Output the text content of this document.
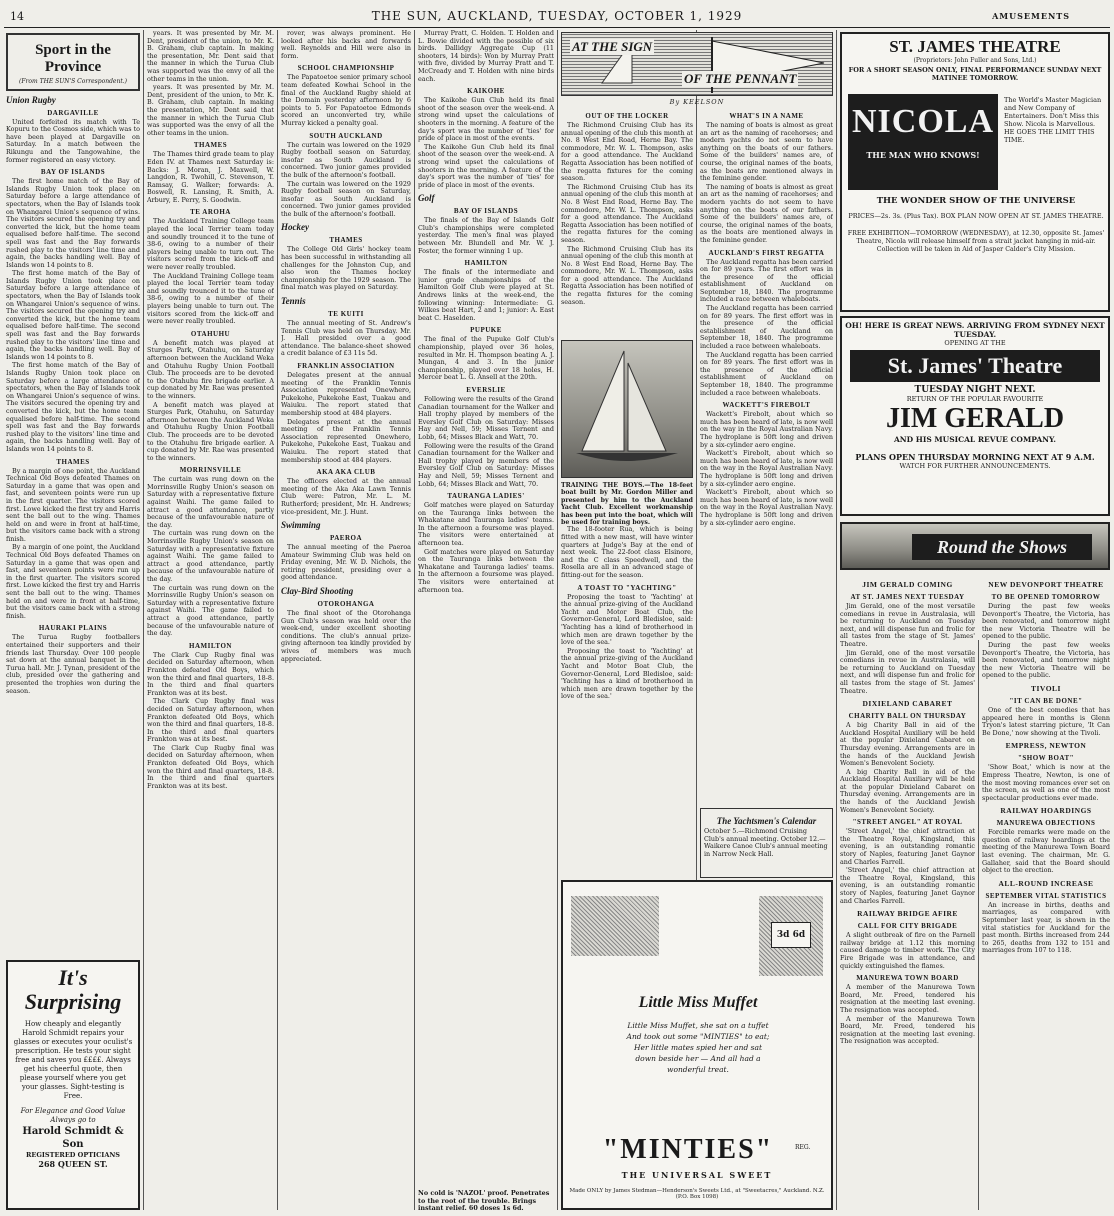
14	THE SUN, AUCKLAND, TUESDAY, OCTOBER 1, 1929	AMUSEMENTS
Sport in the Province
(From THE SUN'S Correspondent.)
Union Rugby
DARGAVILLE

United forfeited its match with Te Kopuru to the Cosmos side, which was to have been played at Dargaville on Saturday. In a match between the Rikungu and the Tangowahine, the former registered an easy victory.

BAY OF ISLANDS

The first home match of the Bay of Islands Rugby Union took place on Saturday before a large attendance of spectators, when the Bay of Islands took on Whangarei Union's sequence of wins. The visitors secured the opening try and converted the kick, but the home team equalised before half-time. The second spell was fast and the Bay forwards rushed play to the visitors' line time and again, the backs handling well. Bay of Islands won 14 points to 8.

The first home match of the Bay of Islands Rugby Union took place on Saturday before a large attendance of spectators, when the Bay of Islands took on Whangarei Union's sequence of wins. The visitors secured the opening try and converted the kick, but the home team equalised before half-time. The second spell was fast and the Bay forwards rushed play to the visitors' line time and again, the backs handling well. Bay of Islands won 14 points to 8.

The first home match of the Bay of Islands Rugby Union took place on Saturday before a large attendance of spectators, when the Bay of Islands took on Whangarei Union's sequence of wins. The visitors secured the opening try and converted the kick, but the home team equalised before half-time. The second spell was fast and the Bay forwards rushed play to the visitors' line time and again, the backs handling well. Bay of Islands won 14 points to 8.

THAMES

By a margin of one point, the Auckland Technical Old Boys defeated Thames on Saturday in a game that was open and fast, and seventeen points were run up in the first quarter. The visitors scored first. Lowe kicked the first try and Harris sent the ball out to the wing. Thames held on and were in front at half-time, but the visitors came back with a strong finish.

By a margin of one point, the Auckland Technical Old Boys defeated Thames on Saturday in a game that was open and fast, and seventeen points were run up in the first quarter. The visitors scored first. Lowe kicked the first try and Harris sent the ball out to the wing. Thames held on and were in front at half-time, but the visitors came back with a strong finish.

HAURAKI PLAINS

The Turua Rugby footballers entertained their supporters and their friends last Thursday. Over 100 people sat down at the annual banquet in the Turua hall. Mr. J. Tynan, president of the club, presided over the gathering and presented the trophies won during the season.

It's
Surprising
How cheaply and elegantly Harold Schmidt repairs your glasses or executes your oculist's prescription. He tests your sight free and saves you ££££. Always get his cheerful quote, then please yourself where you get your glasses. Sight-testing is Free.
For Elegance and Good Value Always go to
Harold Schmidt & Son
REGISTERED OPTICIANS
268 QUEEN ST.

years. It was presented by Mr. M. Dent, president of the union, to Mr. K. B. Graham, club captain. In making the presentation, Mr. Dent said that the manner in which the Turua Club was supported was the envy of all the other teams in the union.

years. It was presented by Mr. M. Dent, president of the union, to Mr. K. B. Graham, club captain. In making the presentation, Mr. Dent said that the manner in which the Turua Club was supported was the envy of all the other teams in the union.

THAMES

The Thames third grade team to play Eden IV. at Thames next Saturday is: Backs: J. Moran, J. Maxwell, W. Langdon, R. Twohill, C. Stevenson, T. Ramsay, G. Walker; forwards: A. Boswell, R. Lansing, R. Smith, A. Arbury, E. Perry, S. Goodwin.

TE AROHA

The Auckland Training College team played the local Terrier team today and soundly trounced it to the tune of 38-6, owing to a number of their players being unable to turn out. The visitors scored from the kick-off and were never really troubled.

The Auckland Training College team played the local Terrier team today and soundly trounced it to the tune of 38-6, owing to a number of their players being unable to turn out. The visitors scored from the kick-off and were never really troubled.

OTAHUHU

A benefit match was played at Sturges Park, Otahuhu, on Saturday afternoon between the Auckland Weka and Otahuhu Rugby Union Football Club. The proceeds are to be devoted to the Otahuhu fire brigade earlier. A cup donated by Mr. Rae was presented to the winners.

A benefit match was played at Sturges Park, Otahuhu, on Saturday afternoon between the Auckland Weka and Otahuhu Rugby Union Football Club. The proceeds are to be devoted to the Otahuhu fire brigade earlier. A cup donated by Mr. Rae was presented to the winners.

MORRINSVILLE

The curtain was rung down on the Morrinsville Rugby Union's season on Saturday with a representative fixture against Waihi. The game failed to attract a good attendance, partly because of the unfavourable nature of the day.

The curtain was rung down on the Morrinsville Rugby Union's season on Saturday with a representative fixture against Waihi. The game failed to attract a good attendance, partly because of the unfavourable nature of the day.

The curtain was rung down on the Morrinsville Rugby Union's season on Saturday with a representative fixture against Waihi. The game failed to attract a good attendance, partly because of the unfavourable nature of the day.

HAMILTON

The Clark Cup Rugby final was decided on Saturday afternoon, when Frankton defeated Old Boys, which won the third and final quarters, 18-8. In the third and final quarters Frankton was at its best.

The Clark Cup Rugby final was decided on Saturday afternoon, when Frankton defeated Old Boys, which won the third and final quarters, 18-8. In the third and final quarters Frankton was at its best.

The Clark Cup Rugby final was decided on Saturday afternoon, when Frankton defeated Old Boys, which won the third and final quarters, 18-8. In the third and final quarters Frankton was at its best.

rover, was always prominent. He looked after his backs and forwards well. Reynolds and Hill were also in form.

SCHOOL CHAMPIONSHIP

The Papatoetoe senior primary school team defeated Kowhai School in the final of the Auckland Rugby shield at the Domain yesterday afternoon by 6 points to 5. For Papatoetoe Edmonds scored an unconverted try, while Murray kicked a penalty goal.

SOUTH AUCKLAND

The curtain was lowered on the 1929 Rugby football season on Saturday, insofar as South Auckland is concerned. Two junior games provided the bulk of the afternoon's football.

The curtain was lowered on the 1929 Rugby football season on Saturday, insofar as South Auckland is concerned. Two junior games provided the bulk of the afternoon's football.

Hockey
THAMES

The College Old Girls' hockey team has been successful in withstanding all challenges for the Johnston Cup, and also won the Thames hockey championship for the 1929 season. The final match was played on Saturday.

Tennis
TE KUITI

The annual meeting of St. Andrew's Tennis Club was held on Thursday. Mr. J. Hall presided over a good attendance. The balance-sheet showed a credit balance of £3 11s 5d.

FRANKLIN ASSOCIATION

Delegates present at the annual meeting of the Franklin Tennis Association represented Onewhero, Pukekohe, Pukekohe East, Tuakau and Waiuku. The report stated that membership stood at 484 players.

Delegates present at the annual meeting of the Franklin Tennis Association represented Onewhero, Pukekohe, Pukekohe East, Tuakau and Waiuku. The report stated that membership stood at 484 players.

AKA AKA CLUB

The officers elected at the annual meeting of the Aka Aka Lawn Tennis Club were: Patron, Mr. L. M. Rutherford; president, Mr. H. Andrews; vice-president, Mr. J. Hunt.

Swimming
PAEROA

The annual meeting of the Paeroa Amateur Swimming Club was held on Friday evening, Mr. W. D. Nichols, the retiring president, presiding over a good attendance.

Clay-Bird Shooting
OTOROHANGA

The final shoot of the Otorohanga Gun Club's season was held over the week-end, under excellent shooting conditions. The club's annual prize-giving afternoon tea kindly provided by wives of members was much appreciated.

Murray Pratt, C. Holden. T. Holden and L. Bowie divided with the possible of six birds. Dallidgy Aggregate Cup (11 shooters, 14 birds): Won by Murray Pratt with five, divided by Murray Pratt and T. McCready and T. Holden with nine birds each.

KAIKOHE

The Kaikohe Gun Club held its final shoot of the season over the week-end. A strong wind upset the calculations of shooters in the morning. A feature of the day's sport was the number of 'ties' for pride of place in most of the events.

The Kaikohe Gun Club held its final shoot of the season over the week-end. A strong wind upset the calculations of shooters in the morning. A feature of the day's sport was the number of 'ties' for pride of place in most of the events.

Golf
BAY OF ISLANDS

The finals of the Bay of Islands Golf Club's championships were completed yesterday. The men's final was played between Mr. Blundell and Mr. W. J. Foster, the former winning 1 up.

HAMILTON

The finals of the intermediate and junior grade championships of the Hamilton Golf Club were played at St. Andrews links at the week-end, the following winning: Intermediate: G. Wilkes beat Hart, 2 and 1; junior: A. East beat C. Haselden.

PUPUKE

The final of the Pupuke Golf Club's championship, played over 36 holes, resulted in Mr. H. Thompson beating A. J. Mungan, 4 and 3. In the junior championship, played over 18 holes, H. Mercer beat L. G. Ansell at the 20th.

EVERSLIE

Following were the results of the Grand Canadian tournament for the Walker and Hall trophy played by members of the Eversley Golf Club on Saturday: Misses Hay and Nell, 59; Misses Ternent and Lobb, 64; Misses Black and Watt, 70.

Following were the results of the Grand Canadian tournament for the Walker and Hall trophy played by members of the Eversley Golf Club on Saturday: Misses Hay and Nell, 59; Misses Ternent and Lobb, 64; Misses Black and Watt, 70.

TAURANGA LADIES'

Golf matches were played on Saturday on the Tauranga links between the Whakatane and Tauranga ladies' teams. In the afternoon a foursome was played. The visitors were entertained at afternoon tea.

Golf matches were played on Saturday on the Tauranga links between the Whakatane and Tauranga ladies' teams. In the afternoon a foursome was played. The visitors were entertained at afternoon tea.

No cold is 'NAZOL' proof. Penetrates to the root of the trouble. Brings instant relief. 60 doses 1s 6d.
AT THE SIGN
OF THE PENNANT
By KEELSON
OUT OF THE LOCKER

The Richmond Cruising Club has its annual opening of the club this month at No. 8 West End Road, Herne Bay. The commodore, Mr. W. L. Thompson, asks for a good attendance. The Auckland Regatta Association has been notified of the regatta fixtures for the coming season.

The Richmond Cruising Club has its annual opening of the club this month at No. 8 West End Road, Herne Bay. The commodore, Mr. W. L. Thompson, asks for a good attendance. The Auckland Regatta Association has been notified of the regatta fixtures for the coming season.

The Richmond Cruising Club has its annual opening of the club this month at No. 8 West End Road, Herne Bay. The commodore, Mr. W. L. Thompson, asks for a good attendance. The Auckland Regatta Association has been notified of the regatta fixtures for the coming season.

TRAINING THE BOYS.—The 18-feet boat built by Mr. Gordon Miller and presented by him to the Auckland Yacht Club. Excellent workmanship has been put into the boat, which will be used for training boys.

The 18-footer Rua, which is being fitted with a new mast, will have winter quarters at Judge's Bay at the end of next week. The 22-foot class Elsinore, and the C class Speedwell, and the Rosella are all in an advanced stage of fitting-out for the season.

A TOAST TO "YACHTING"

Proposing the toast to 'Yachting' at the annual prize-giving of the Auckland Yacht and Motor Boat Club, the Governor-General, Lord Bledisloe, said: 'Yachting has a kind of brotherhood in which men are drawn together by the love of the sea.'

Proposing the toast to 'Yachting' at the annual prize-giving of the Auckland Yacht and Motor Boat Club, the Governor-General, Lord Bledisloe, said: 'Yachting has a kind of brotherhood in which men are drawn together by the love of the sea.'

WHAT'S IN A NAME

The naming of boats is almost as great an art as the naming of racehorses; and modern yachts do not seem to have anything on the boats of our fathers. Some of the builders' names are, of course, the original names of the boats, as the boats are mentioned always in the feminine gender.

The naming of boats is almost as great an art as the naming of racehorses; and modern yachts do not seem to have anything on the boats of our fathers. Some of the builders' names are, of course, the original names of the boats, as the boats are mentioned always in the feminine gender.

AUCKLAND'S FIRST REGATTA

The Auckland regatta has been carried on for 89 years. The first effort was in the presence of the official establishment of Auckland on September 18, 1840. The programme included a race between whaleboats.

The Auckland regatta has been carried on for 89 years. The first effort was in the presence of the official establishment of Auckland on September 18, 1840. The programme included a race between whaleboats.

The Auckland regatta has been carried on for 89 years. The first effort was in the presence of the official establishment of Auckland on September 18, 1840. The programme included a race between whaleboats.

WACKETT'S FIREBOLT

Wackett's Firebolt, about which so much has been heard of late, is now well on the way in the Royal Australian Navy. The hydroplane is 50ft long and driven by a six-cylinder aero engine.

Wackett's Firebolt, about which so much has been heard of late, is now well on the way in the Royal Australian Navy. The hydroplane is 50ft long and driven by a six-cylinder aero engine.

Wackett's Firebolt, about which so much has been heard of late, is now well on the way in the Royal Australian Navy. The hydroplane is 50ft long and driven by a six-cylinder aero engine.

The Yachtsmen's Calendar
October 5.—Richmond Cruising Club's annual meeting. October 12.—Waikere Canoe Club's annual meeting in Narrow Neck Hall.
3d 6d
Little Miss Muffet
Little Miss Muffet, she sat on a tuffet And took out some "MINTIES" to eat; Her little mates spied her and sat down beside her — And all had a wonderful treat.
"MINTIES"	REG.
THE UNIVERSAL SWEET
Made ONLY by James Stedman—Henderson's Sweets Ltd., at "Sweetacres," Auckland. N.Z. (P.O. Box 1098)
ST. JAMES THEATRE
(Proprietors: John Fuller and Sons, Ltd.)
FOR A SHORT SEASON ONLY, FINAL PERFORMANCE SUNDAY NEXT MATINEE TOMORROW.
NICOLA
THE MAN WHO KNOWS!
The World's Master Magician and New Company of Entertainers. Don't Miss this Show. Nicola is Marvellous. HE GOES THE LIMIT THIS TIME.
THE WONDER SHOW OF THE UNIVERSE
PRICES—2s. 3s. (Plus Tax). BOX PLAN NOW OPEN AT ST. JAMES THEATRE.
FREE EXHIBITION—TOMORROW (WEDNESDAY), at 12.30, opposite St. James' Theatre, Nicola will release himself from a strait jacket hanging in mid-air. Collection will be taken in Aid of Jasper Calder's City Mission.
OH! HERE IS GREAT NEWS. ARRIVING FROM SYDNEY NEXT TUESDAY.
OPENING AT THE
St. James' Theatre
TUESDAY NIGHT NEXT.
RETURN OF THE POPULAR FAVOURITE
JIM GERALD
AND HIS MUSICAL REVUE COMPANY.
PLANS OPEN THURSDAY MORNING NEXT AT 9 A.M.
WATCH FOR FURTHER ANNOUNCEMENTS.
Round the Shows
JIM GERALD COMING
AT ST. JAMES NEXT TUESDAY

Jim Gerald, one of the most versatile comedians in revue in Australasia, will be returning to Auckland on Tuesday next, and will dispense fun and frolic for all tastes from the stage of St. James' Theatre.

Jim Gerald, one of the most versatile comedians in revue in Australasia, will be returning to Auckland on Tuesday next, and will dispense fun and frolic for all tastes from the stage of St. James' Theatre.

DIXIELAND CABARET
CHARITY BALL ON THURSDAY

A big Charity Ball in aid of the Auckland Hospital Auxiliary will be held at the popular Dixieland Cabaret on Thursday evening. Arrangements are in the hands of the Auckland Jewish Women's Benevolent Society.

A big Charity Ball in aid of the Auckland Hospital Auxiliary will be held at the popular Dixieland Cabaret on Thursday evening. Arrangements are in the hands of the Auckland Jewish Women's Benevolent Society.

"STREET ANGEL" AT ROYAL

'Street Angel,' the chief attraction at the Theatre Royal, Kingsland, this evening, is an outstanding romantic story of Naples, featuring Janet Gaynor and Charles Farrell.

'Street Angel,' the chief attraction at the Theatre Royal, Kingsland, this evening, is an outstanding romantic story of Naples, featuring Janet Gaynor and Charles Farrell.

RAILWAY BRIDGE AFIRE
CALL FOR CITY BRIGADE

A slight outbreak of fire on the Parnell railway bridge at 1.12 this morning caused damage to timber work. The City Fire Brigade was in attendance, and quickly extinguished the flames.

MANUREWA TOWN BOARD

A member of the Manurewa Town Board, Mr. Freed, tendered his resignation at the meeting last evening. The resignation was accepted.

A member of the Manurewa Town Board, Mr. Freed, tendered his resignation at the meeting last evening. The resignation was accepted.

NEW DEVONPORT THEATRE
TO BE OPENED TOMORROW

During the past few weeks Devonport's Theatre, the Victoria, has been renovated, and tomorrow night the new Victoria Theatre will be opened to the public.

During the past few weeks Devonport's Theatre, the Victoria, has been renovated, and tomorrow night the new Victoria Theatre will be opened to the public.

TIVOLI
"IT CAN BE DONE"

One of the best comedies that has appeared here in months is Glenn Tryon's latest starring picture, 'It Can Be Done,' now showing at the Tivoli.

EMPRESS, NEWTON
"SHOW BOAT"

'Show Boat,' which is now at the Empress Theatre, Newton, is one of the most moving romances ever set on the screen, as well as one of the most spectacular productions ever made.

RAILWAY HOARDINGS
MANUREWA OBJECTIONS

Forcible remarks were made on the question of railway hoardings at the meeting of the Manurewa Town Board last evening. The chairman, Mr. G. Gallaher, said that the Board should object to the erection.

ALL-ROUND INCREASE
SEPTEMBER VITAL STATISTICS

An increase in births, deaths and marriages, as compared with September last year, is shown in the vital statistics for Auckland for the past month. Births increased from 244 to 265, deaths from 132 to 151 and marriages from 107 to 118.
